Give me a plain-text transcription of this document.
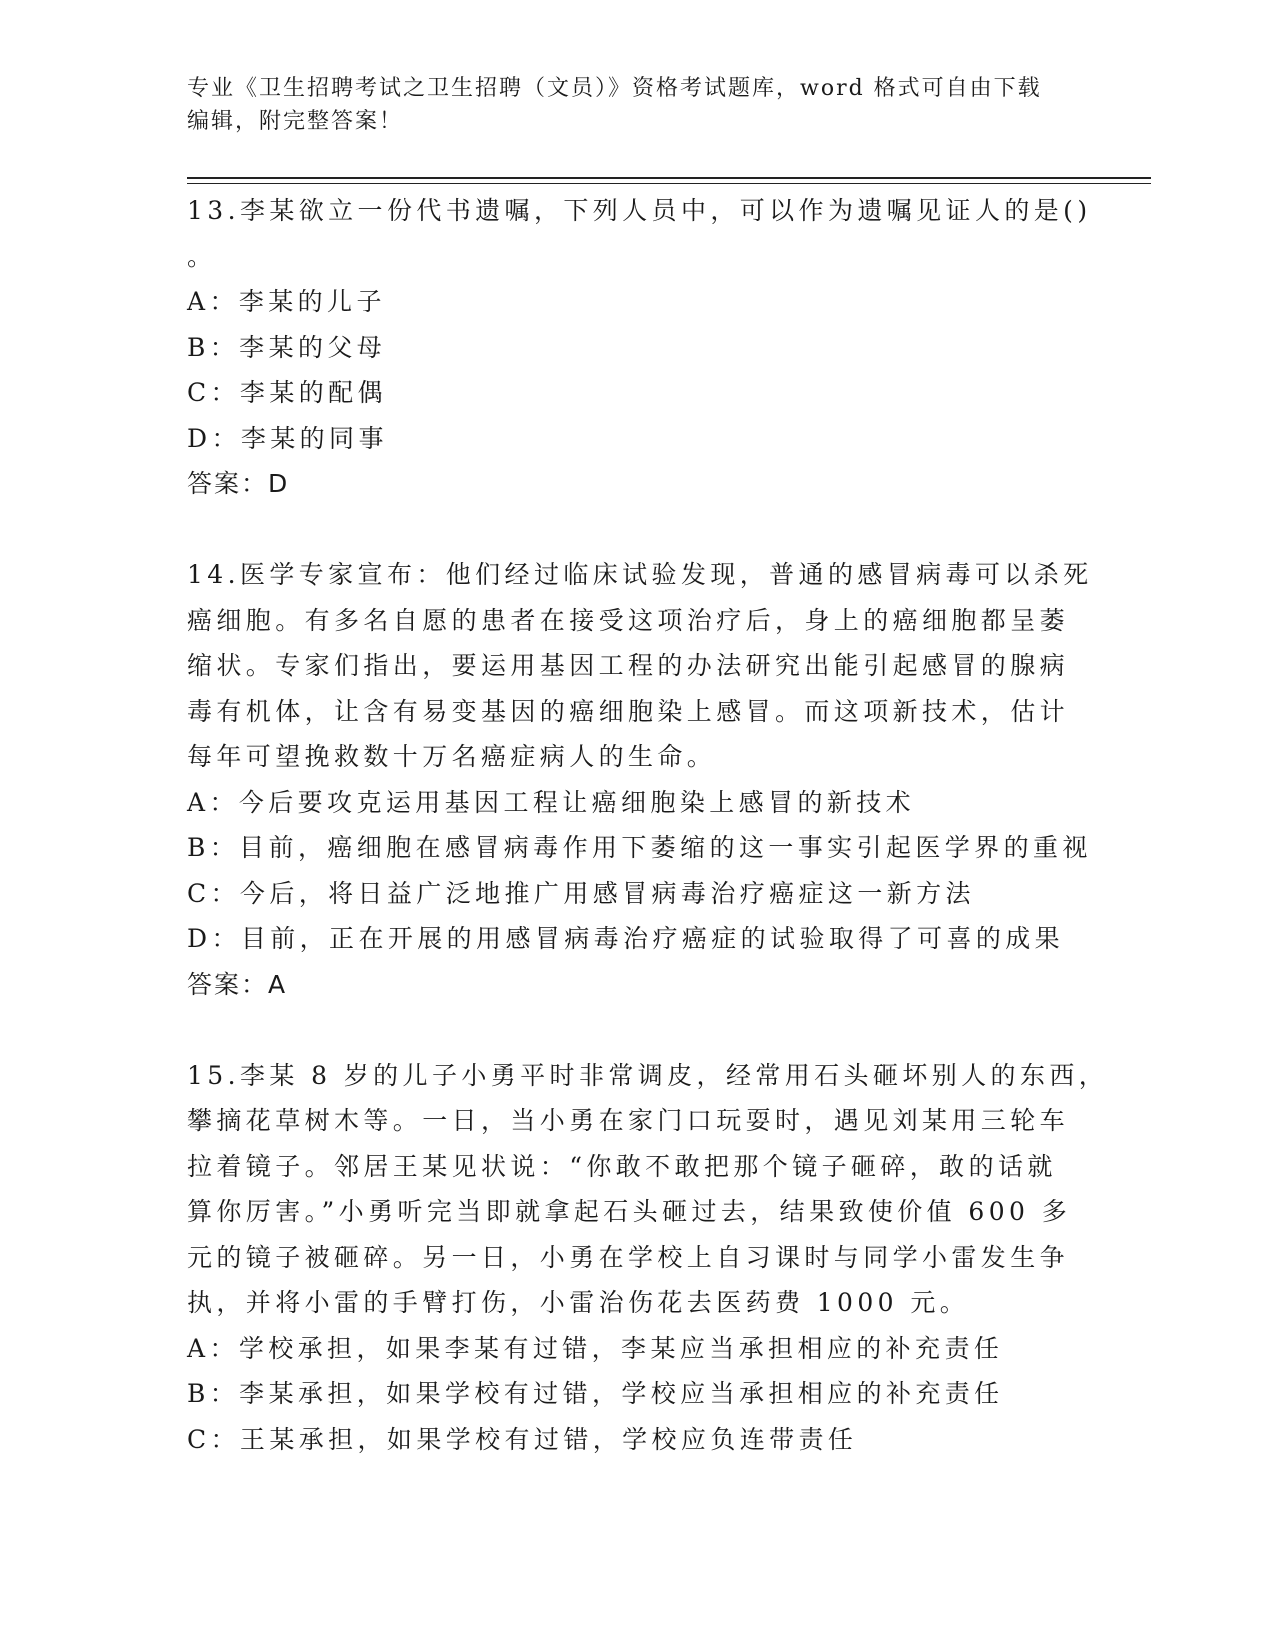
专业《卫生招聘考试之卫生招聘（文员）》资格考试题库，word 格式可自由下载
编辑，附完整答案！
13.李某欲立一份代书遗嘱，下列人员中，可以作为遗嘱见证人的是()
。
A：李某的儿子
B：李某的父母
C：李某的配偶
D：李某的同事
答案：D
14.医学专家宣布：他们经过临床试验发现，普通的感冒病毒可以杀死
癌细胞。有多名自愿的患者在接受这项治疗后，身上的癌细胞都呈萎
缩状。专家们指出，要运用基因工程的办法研究出能引起感冒的腺病
毒有机体，让含有易变基因的癌细胞染上感冒。而这项新技术，估计
每年可望挽救数十万名癌症病人的生命。
A：今后要攻克运用基因工程让癌细胞染上感冒的新技术
B：目前，癌细胞在感冒病毒作用下萎缩的这一事实引起医学界的重视
C：今后，将日益广泛地推广用感冒病毒治疗癌症这一新方法
D：目前，正在开展的用感冒病毒治疗癌症的试验取得了可喜的成果
答案：A
15.李某 8 岁的儿子小勇平时非常调皮，经常用石头砸坏别人的东西，
攀摘花草树木等。一日，当小勇在家门口玩耍时，遇见刘某用三轮车
拉着镜子。邻居王某见状说：“你敢不敢把那个镜子砸碎，敢的话就
算你厉害。”小勇听完当即就拿起石头砸过去，结果致使价值 600 多
元的镜子被砸碎。另一日，小勇在学校上自习课时与同学小雷发生争
执，并将小雷的手臂打伤，小雷治伤花去医药费 1000 元。
A：学校承担，如果李某有过错，李某应当承担相应的补充责任
B：李某承担，如果学校有过错，学校应当承担相应的补充责任
C：王某承担，如果学校有过错，学校应负连带责任
